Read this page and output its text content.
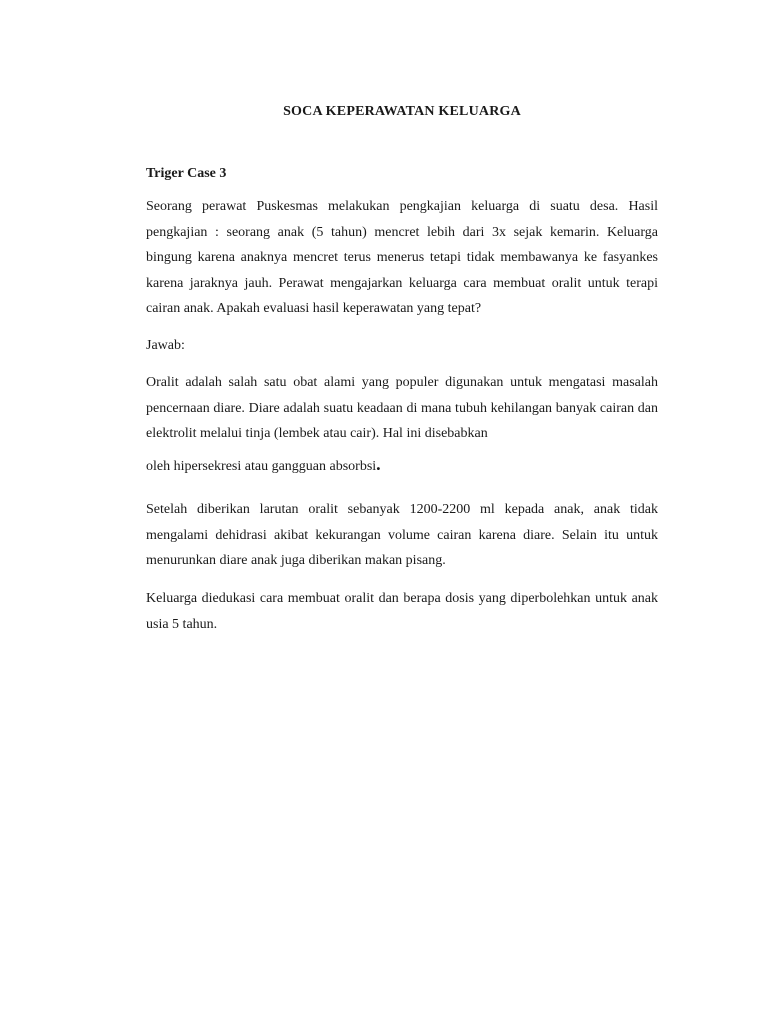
SOCA KEPERAWATAN KELUARGA
Triger Case 3

Seorang perawat Puskesmas melakukan pengkajian keluarga di suatu desa. Hasil pengkajian : seorang anak (5 tahun) mencret lebih dari 3x sejak kemarin. Keluarga bingung karena anaknya mencret terus menerus tetapi tidak membawanya ke fasyankes karena jaraknya jauh. Perawat mengajarkan keluarga cara membuat oralit untuk terapi cairan anak. Apakah evaluasi hasil keperawatan yang tepat?

Jawab:

Oralit adalah salah satu obat alami yang populer digunakan untuk mengatasi masalah pencernaan diare. Diare adalah suatu keadaan di mana tubuh kehilangan banyak cairan dan elektrolit melalui tinja (lembek atau cair). Hal ini disebabkan

oleh hipersekresi atau gangguan absorbsi.

Setelah diberikan larutan oralit sebanyak 1200-2200 ml kepada anak, anak tidak mengalami dehidrasi akibat kekurangan volume cairan karena diare. Selain itu untuk menurunkan diare anak juga diberikan makan pisang.

Keluarga diedukasi cara membuat oralit dan berapa dosis yang diperbolehkan untuk anak usia 5 tahun.
